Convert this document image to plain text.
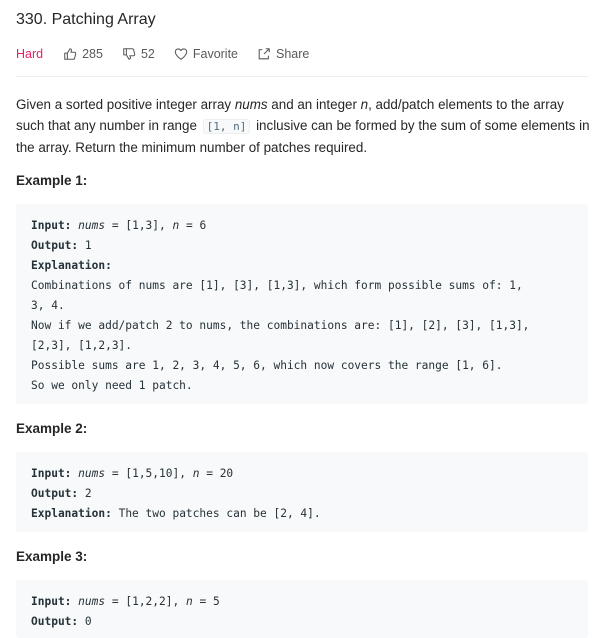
330. Patching Array
Hard	285	52	Favorite	Share
Given a sorted positive integer array nums and an integer n, add/patch elements to the array such that any number in range [1, n] inclusive can be formed by the sum of some elements in the array. Return the minimum number of patches required.
Example 1:
Input: nums = [1,3], n = 6
Output: 1
Explanation:
Combinations of nums are [1], [3], [1,3], which form possible sums of: 1,
3, 4.
Now if we add/patch 2 to nums, the combinations are: [1], [2], [3], [1,3],
[2,3], [1,2,3].
Possible sums are 1, 2, 3, 4, 5, 6, which now covers the range [1, 6].
So we only need 1 patch.
Example 2:
Input: nums = [1,5,10], n = 20
Output: 2
Explanation: The two patches can be [2, 4].
Example 3:
Input: nums = [1,2,2], n = 5
Output: 0
